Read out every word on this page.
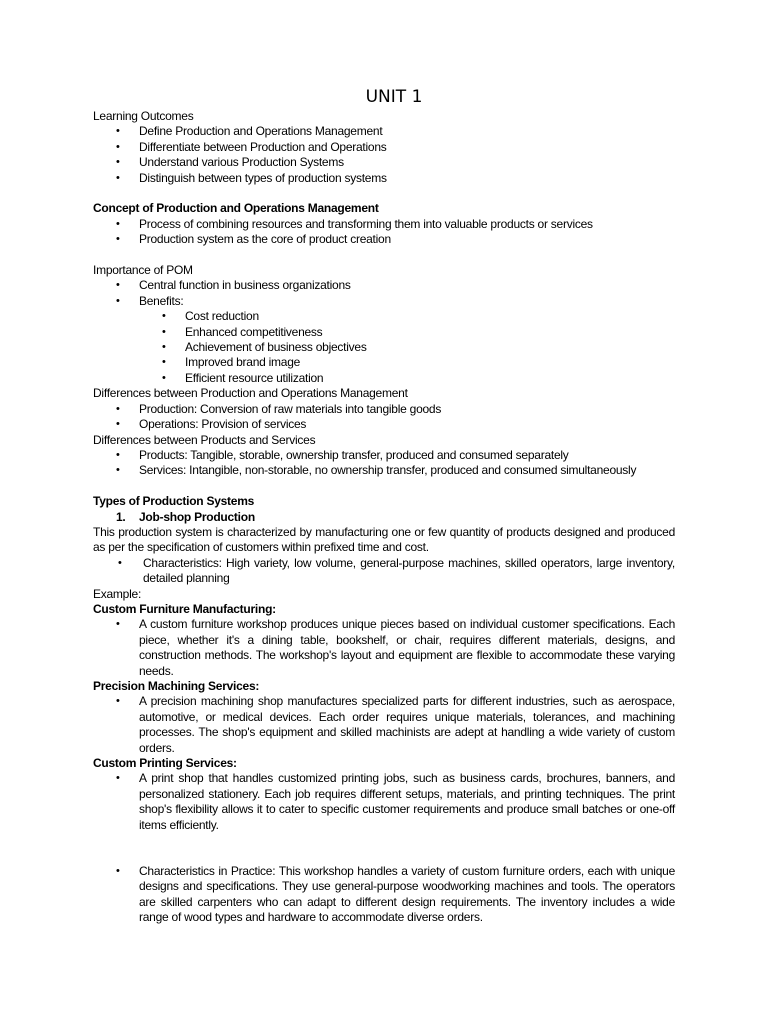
UNIT 1
Learning Outcomes
• Define Production and Operations Management
• Differentiate between Production and Operations
• Understand various Production Systems
• Distinguish between types of production systems
Concept of Production and Operations Management
• Process of combining resources and transforming them into valuable products or services
• Production system as the core of product creation
Importance of POM
• Central function in business organizations
• Benefits:
• Cost reduction
• Enhanced competitiveness
• Achievement of business objectives
• Improved brand image
• Efficient resource utilization
Differences between Production and Operations Management
• Production: Conversion of raw materials into tangible goods
• Operations: Provision of services
Differences between Products and Services
• Products: Tangible, storable, ownership transfer, produced and consumed separately
• Services: Intangible, non-storable, no ownership transfer, produced and consumed simultaneously
Types of Production Systems
1. Job-shop Production
This production system is characterized by manufacturing one or few quantity of products designed and produced as per the specification of customers within prefixed time and cost.
• Characteristics: High variety, low volume, general-purpose machines, skilled operators, large inventory, detailed planning
Example:
Custom Furniture Manufacturing:
• A custom furniture workshop produces unique pieces based on individual customer specifications. Each piece, whether it's a dining table, bookshelf, or chair, requires different materials, designs, and construction methods. The workshop's layout and equipment are flexible to accommodate these varying needs.
Precision Machining Services:
• A precision machining shop manufactures specialized parts for different industries, such as aerospace, automotive, or medical devices. Each order requires unique materials, tolerances, and machining processes. The shop's equipment and skilled machinists are adept at handling a wide variety of custom orders.
Custom Printing Services:
• A print shop that handles customized printing jobs, such as business cards, brochures, banners, and personalized stationery. Each job requires different setups, materials, and printing techniques. The print shop's flexibility allows it to cater to specific customer requirements and produce small batches or one-off items efficiently.
• Characteristics in Practice: This workshop handles a variety of custom furniture orders, each with unique designs and specifications. They use general-purpose woodworking machines and tools. The operators are skilled carpenters who can adapt to different design requirements. The inventory includes a wide range of wood types and hardware to accommodate diverse orders.
